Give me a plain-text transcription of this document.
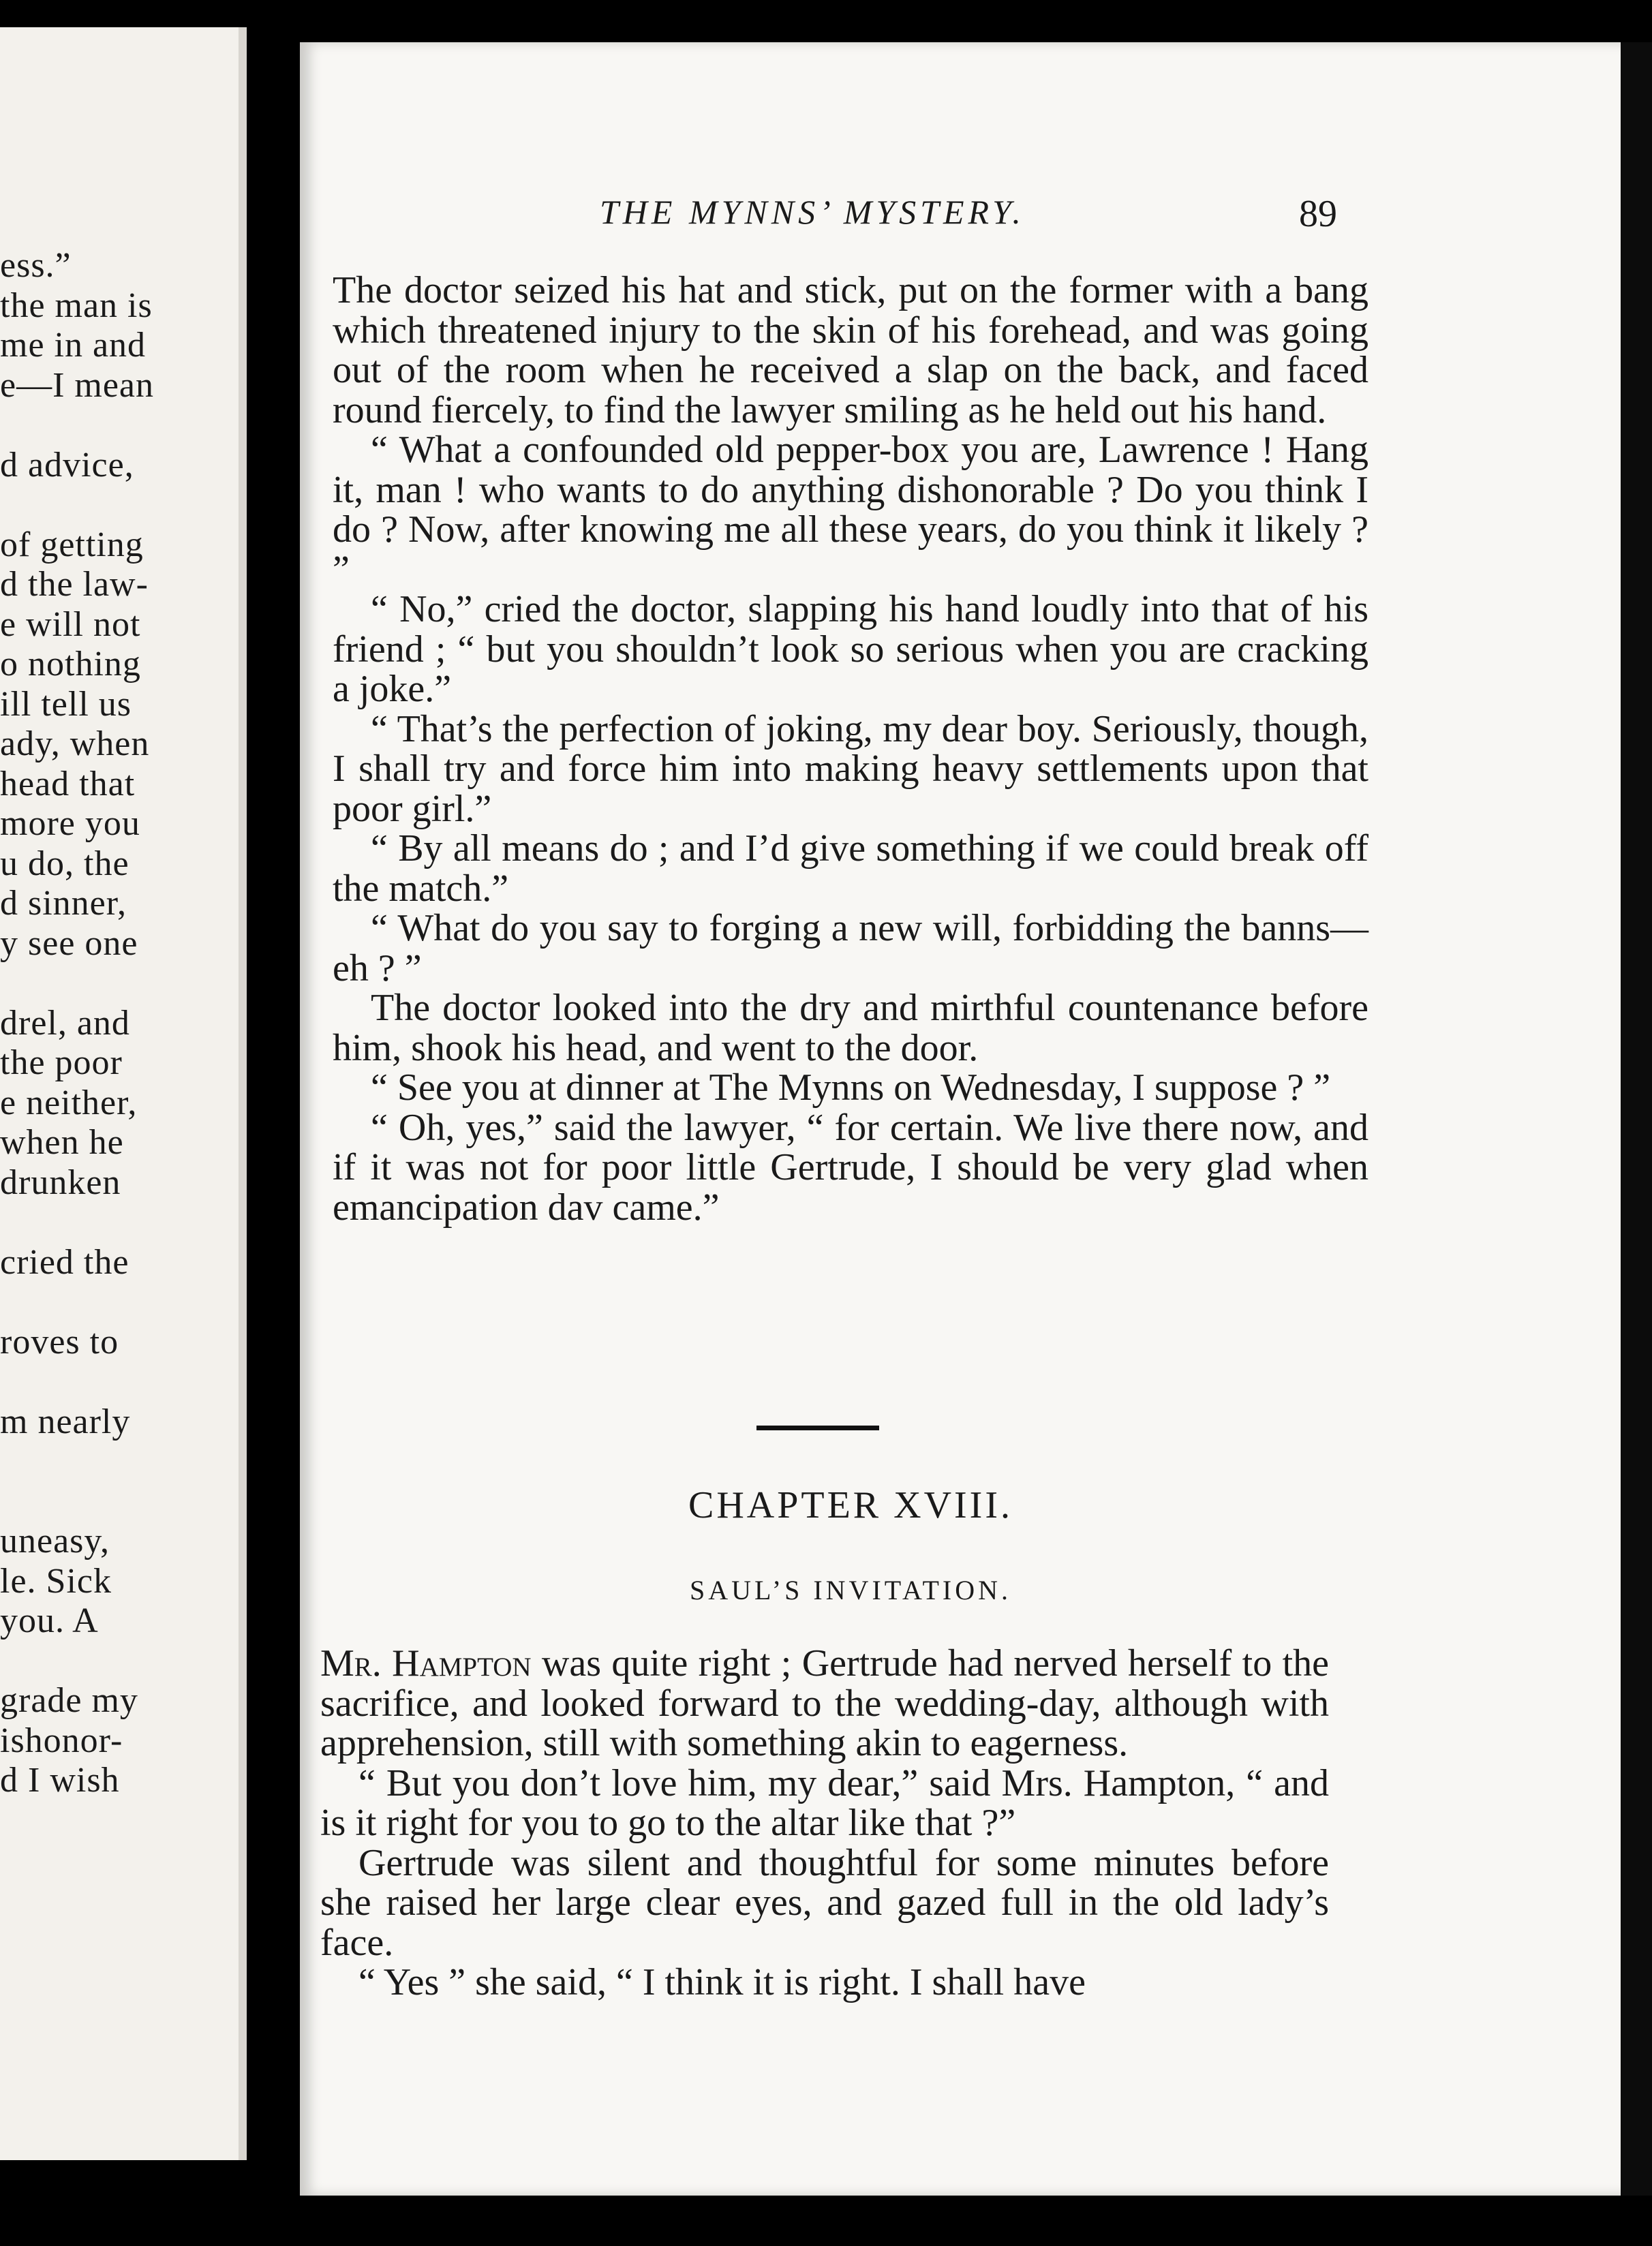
ess.”
the man is
me in and
e—I mean
d advice,
of getting
d the law-
e will not
o nothing
ill tell us
ady, when
head that
more you
u do, the
d sinner,
y see one
drel, and
the poor
e neither,
when he
drunken
cried the
roves to
m nearly
uneasy,
le. Sick
you. A
grade my
ishonor-
d I wish
THE MYNNS’ MYSTERY.	89

The doctor seized his hat and stick, put on the former with a bang which threatened injury to the skin of his forehead, and was going out of the room when he received a slap on the back, and faced round fiercely, to find the lawyer smiling as he held out his hand.

“ What a confounded old pepper-box you are, Lawrence ! Hang it, man ! who wants to do anything dishonorable ? Do you think I do ? Now, after knowing me all these years, do you think it likely ? ”

“ No,” cried the doctor, slapping his hand loudly into that of his friend ; “ but you shouldn’t look so serious when you are cracking a joke.”

“ That’s the perfection of joking, my dear boy. Seriously, though, I shall try and force him into making heavy settlements upon that poor girl.”

“ By all means do ; and I’d give something if we could break off the match.”

“ What do you say to forging a new will, forbidding the banns—eh ? ”

The doctor looked into the dry and mirthful countenance before him, shook his head, and went to the door.

“ See you at dinner at The Mynns on Wednesday, I suppose ? ”

“ Oh, yes,” said the lawyer, “ for certain. We live there now, and if it was not for poor little Gertrude, I should be very glad when emancipation dav came.”

CHAPTER XVIII.
SAUL’S INVITATION.

Mr. Hampton was quite right ; Gertrude had nerved herself to the sacrifice, and looked forward to the wedding-day, although with apprehension, still with something akin to eagerness.

“ But you don’t love him, my dear,” said Mrs. Hampton, “ and is it right for you to go to the altar like that ?”

Gertrude was silent and thoughtful for some minutes before she raised her large clear eyes, and gazed full in the old lady’s face.

“ Yes ” she said, “ I think it is right. I shall have
